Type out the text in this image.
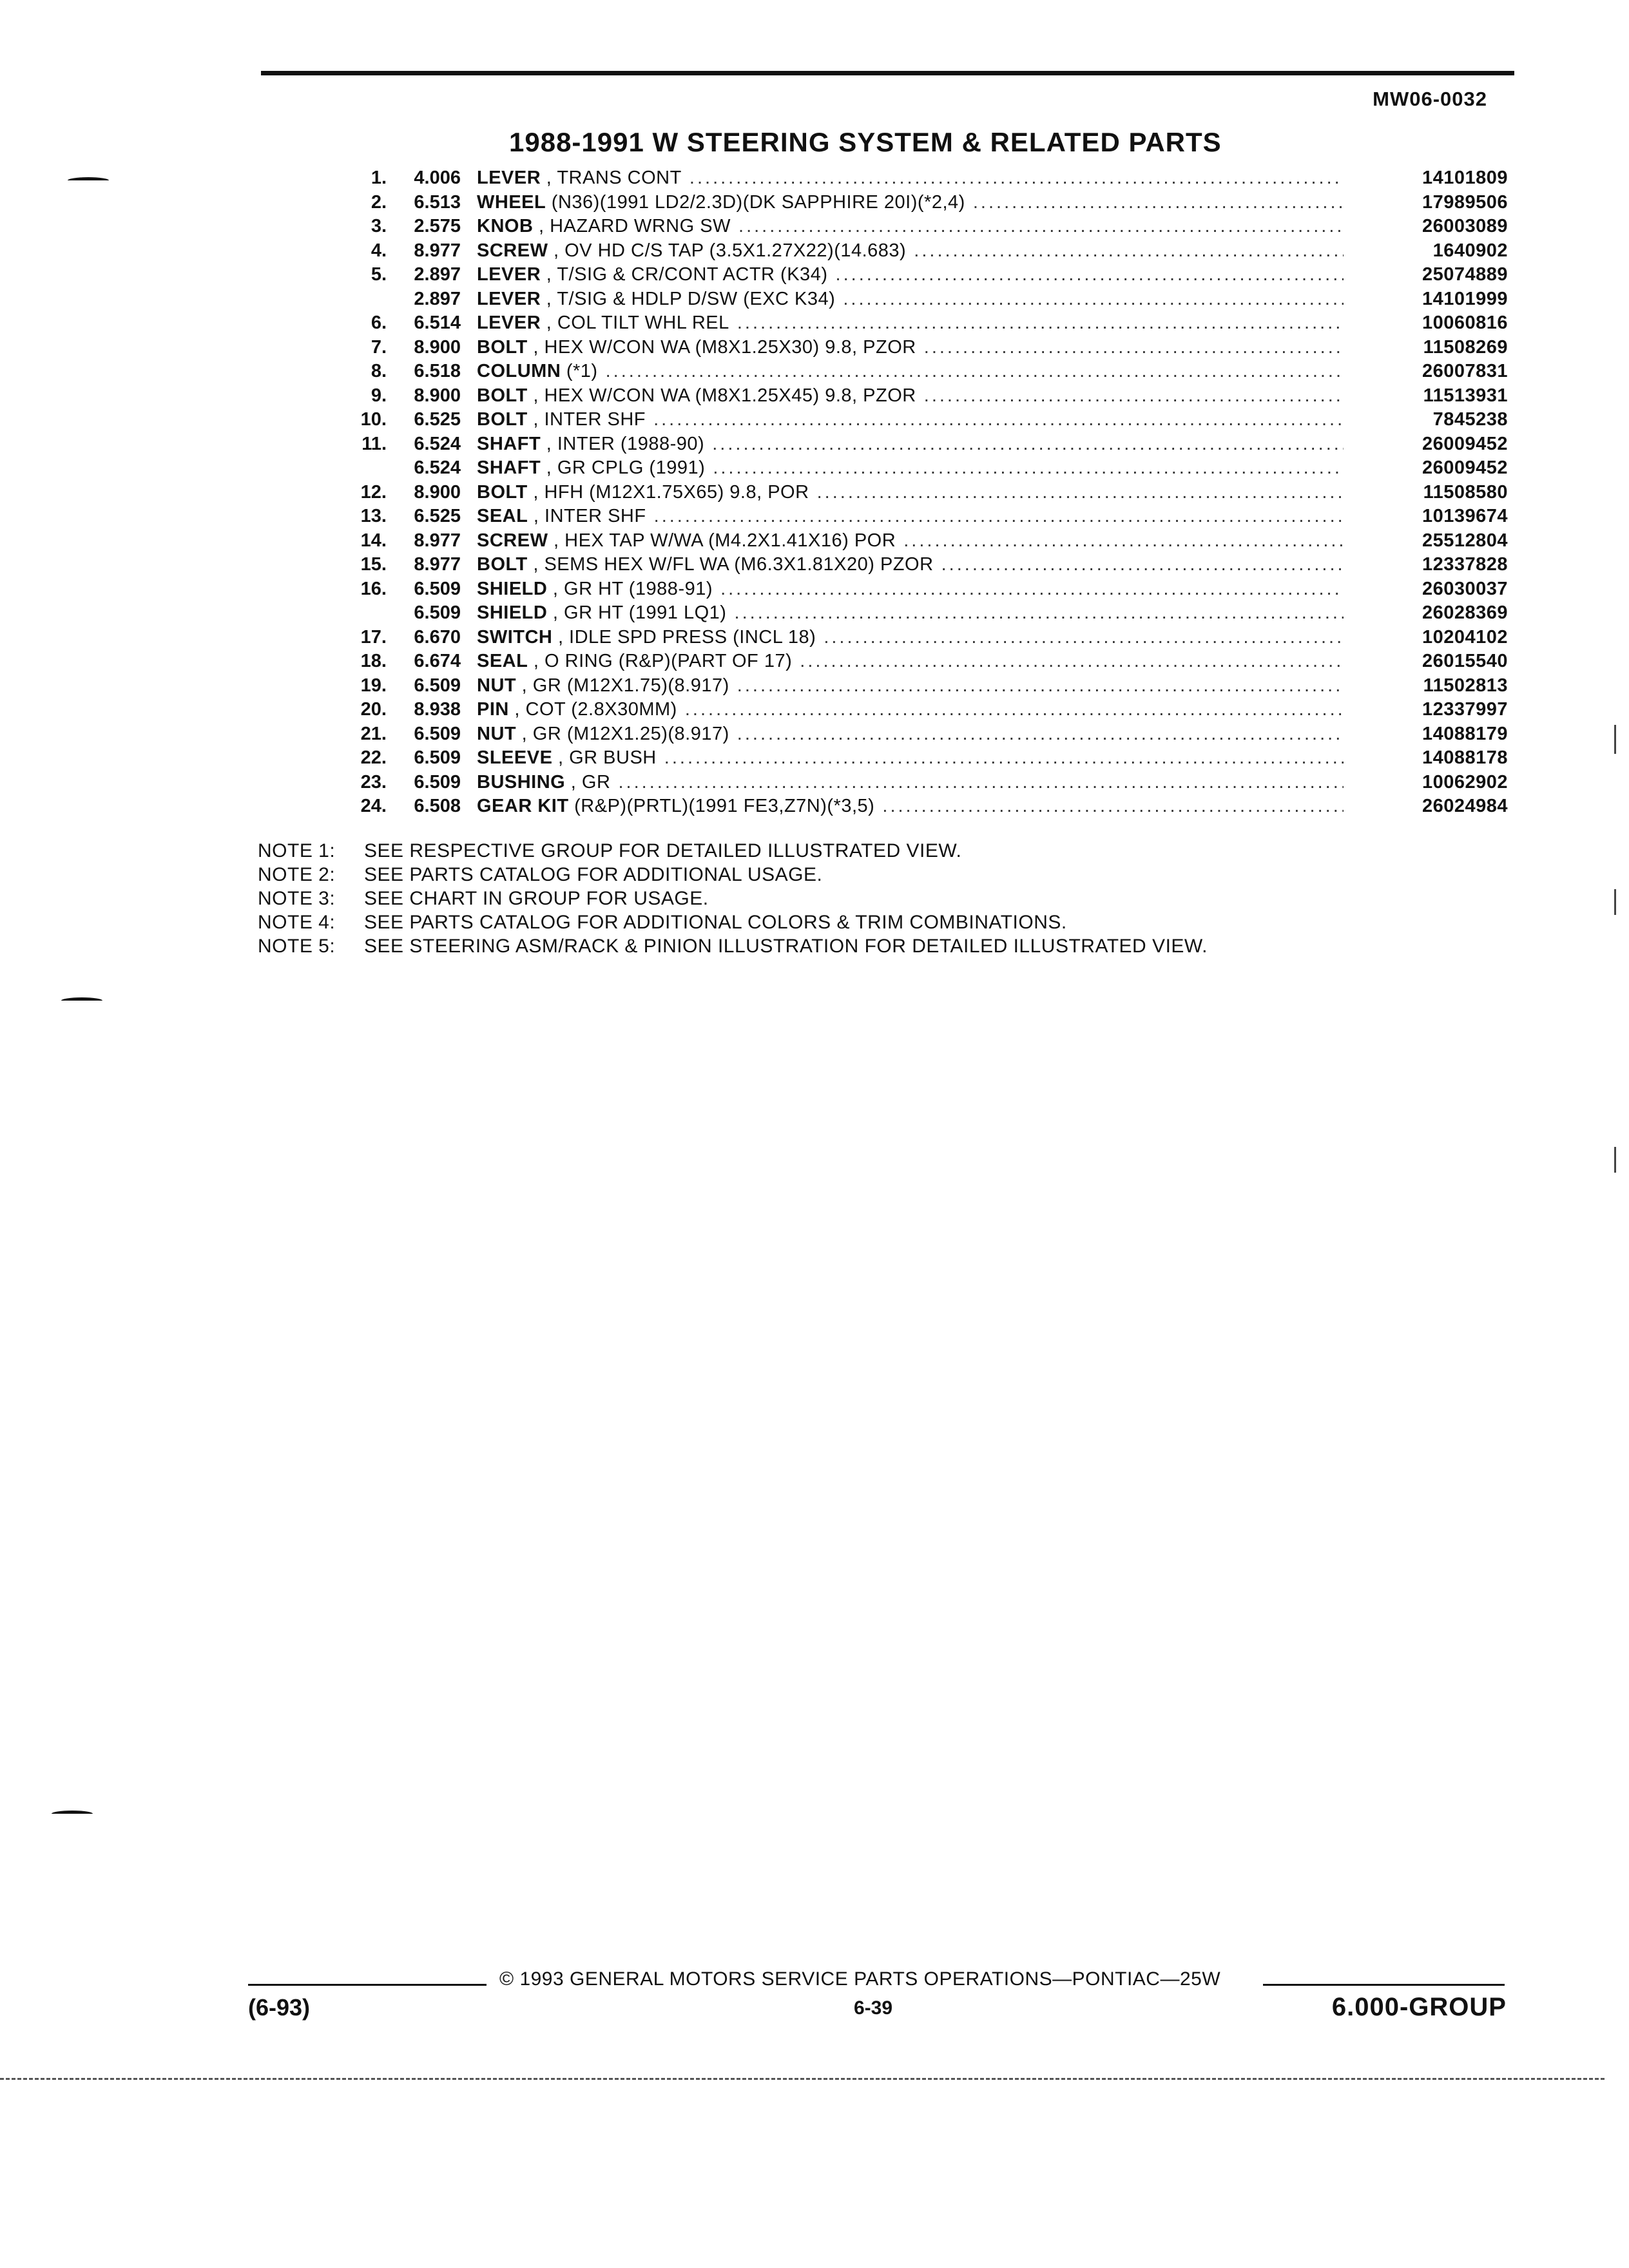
MW06-0032
1988-1991 W STEERING SYSTEM & RELATED PARTS
1.	4.006 LEVER , TRANS CONT .....	14101809
2.	6.513 WHEEL (N36)(1991 LD2/2.3D)(DK SAPPHIRE 20I)(*2,4) .....	17989506
3.	2.575 KNOB , HAZARD WRNG SW .....	26003089
4.	8.977 SCREW , OV HD C/S TAP (3.5X1.27X22)(14.683) .....	1640902
5.	2.897 LEVER , T/SIG & CR/CONT ACTR (K34) .....	25074889
2.897 LEVER , T/SIG & HDLP D/SW (EXC K34) .....	14101999
6.	6.514 LEVER , COL TILT WHL REL .....	10060816
7.	8.900 BOLT , HEX W/CON WA (M8X1.25X30) 9.8, PZOR .....	11508269
8.	6.518 COLUMN (*1) .....	26007831
9.	8.900 BOLT , HEX W/CON WA (M8X1.25X45) 9.8, PZOR .....	11513931
10.	6.525 BOLT , INTER SHF .....	7845238
11.	6.524 SHAFT , INTER (1988-90) .....	26009452
6.524 SHAFT , GR CPLG (1991) .....	26009452
12.	8.900 BOLT , HFH (M12X1.75X65) 9.8, POR .....	11508580
13.	6.525 SEAL , INTER SHF .....	10139674
14.	8.977 SCREW , HEX TAP W/WA (M4.2X1.41X16) POR .....	25512804
15.	8.977 BOLT , SEMS HEX W/FL WA (M6.3X1.81X20) PZOR .....	12337828
16.	6.509 SHIELD , GR HT (1988-91) .....	26030037
6.509 SHIELD , GR HT (1991 LQ1) .....	26028369
17.	6.670 SWITCH , IDLE SPD PRESS (INCL 18) .....	10204102
18.	6.674 SEAL , O RING (R&P)(PART OF 17) .....	26015540
19.	6.509 NUT , GR (M12X1.75)(8.917) .....	11502813
20.	8.938 PIN , COT (2.8X30MM) .....	12337997
21.	6.509 NUT , GR (M12X1.25)(8.917) .....	14088179
22.	6.509 SLEEVE , GR BUSH .....	14088178
23.	6.509 BUSHING , GR .....	10062902
24.	6.508 GEAR KIT (R&P)(PRTL)(1991 FE3,Z7N)(*3,5) .....	26024984
NOTE 1: SEE RESPECTIVE GROUP FOR DETAILED ILLUSTRATED VIEW.
NOTE 2: SEE PARTS CATALOG FOR ADDITIONAL USAGE.
NOTE 3: SEE CHART IN GROUP FOR USAGE.
NOTE 4: SEE PARTS CATALOG FOR ADDITIONAL COLORS & TRIM COMBINATIONS.
NOTE 5: SEE STEERING ASM/RACK & PINION ILLUSTRATION FOR DETAILED ILLUSTRATED VIEW.
© 1993 GENERAL MOTORS SERVICE PARTS OPERATIONS—PONTIAC—25W
(6-93)	6-39	6.000-GROUP
